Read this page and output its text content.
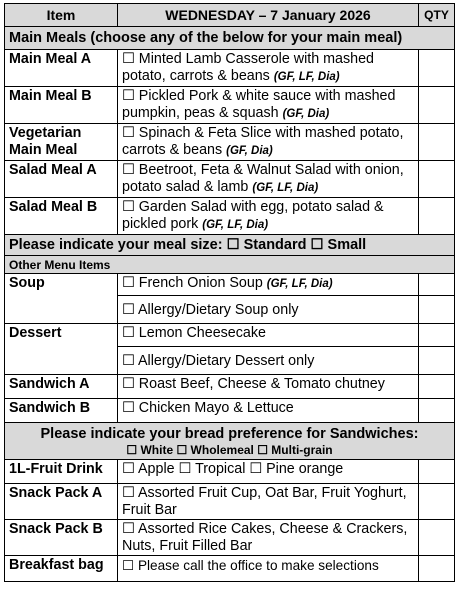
Item	WEDNESDAY – 7 January 2026	QTY
Main Meals (choose any of the below for your main meal)		
Main Meal A	☐ Minted Lamb Casserole with mashed potato, carrots & beans (GF, LF, Dia)	
Main Meal B	☐ Pickled Pork & white sauce with mashed pumpkin, peas & squash (GF, Dia)	
Vegetarian Main Meal	☐ Spinach & Feta Slice with mashed potato, carrots & beans (GF, Dia)	
Salad Meal A	☐ Beetroot, Feta & Walnut Salad with onion, potato salad & lamb (GF, LF, Dia)	
Salad Meal B	☐ Garden Salad with egg, potato salad & pickled pork (GF, LF, Dia)	
Please indicate your meal size: ☐ Standard ☐ Small		
Other Menu Items		
Soup	☐ French Onion Soup (GF, LF, Dia)	
	☐ Allergy/Dietary Soup only	
Dessert	☐ Lemon Cheesecake	
	☐ Allergy/Dietary Dessert only	
Sandwich A	☐ Roast Beef, Cheese & Tomato chutney	
Sandwich B	☐ Chicken Mayo & Lettuce	

Please indicate your bread preference for Sandwiches:
☐ White ☐ Wholemeal ☐ Multi-grain		

1L-Fruit Drink	☐ Apple ☐ Tropical ☐ Pine orange	
Snack Pack A	☐ Assorted Fruit Cup, Oat Bar, Fruit Yoghurt, Fruit Bar	
Snack Pack B	☐ Assorted Rice Cakes, Cheese & Crackers, Nuts, Fruit Filled Bar	
Breakfast bag	☐ Please call the office to make selections	
